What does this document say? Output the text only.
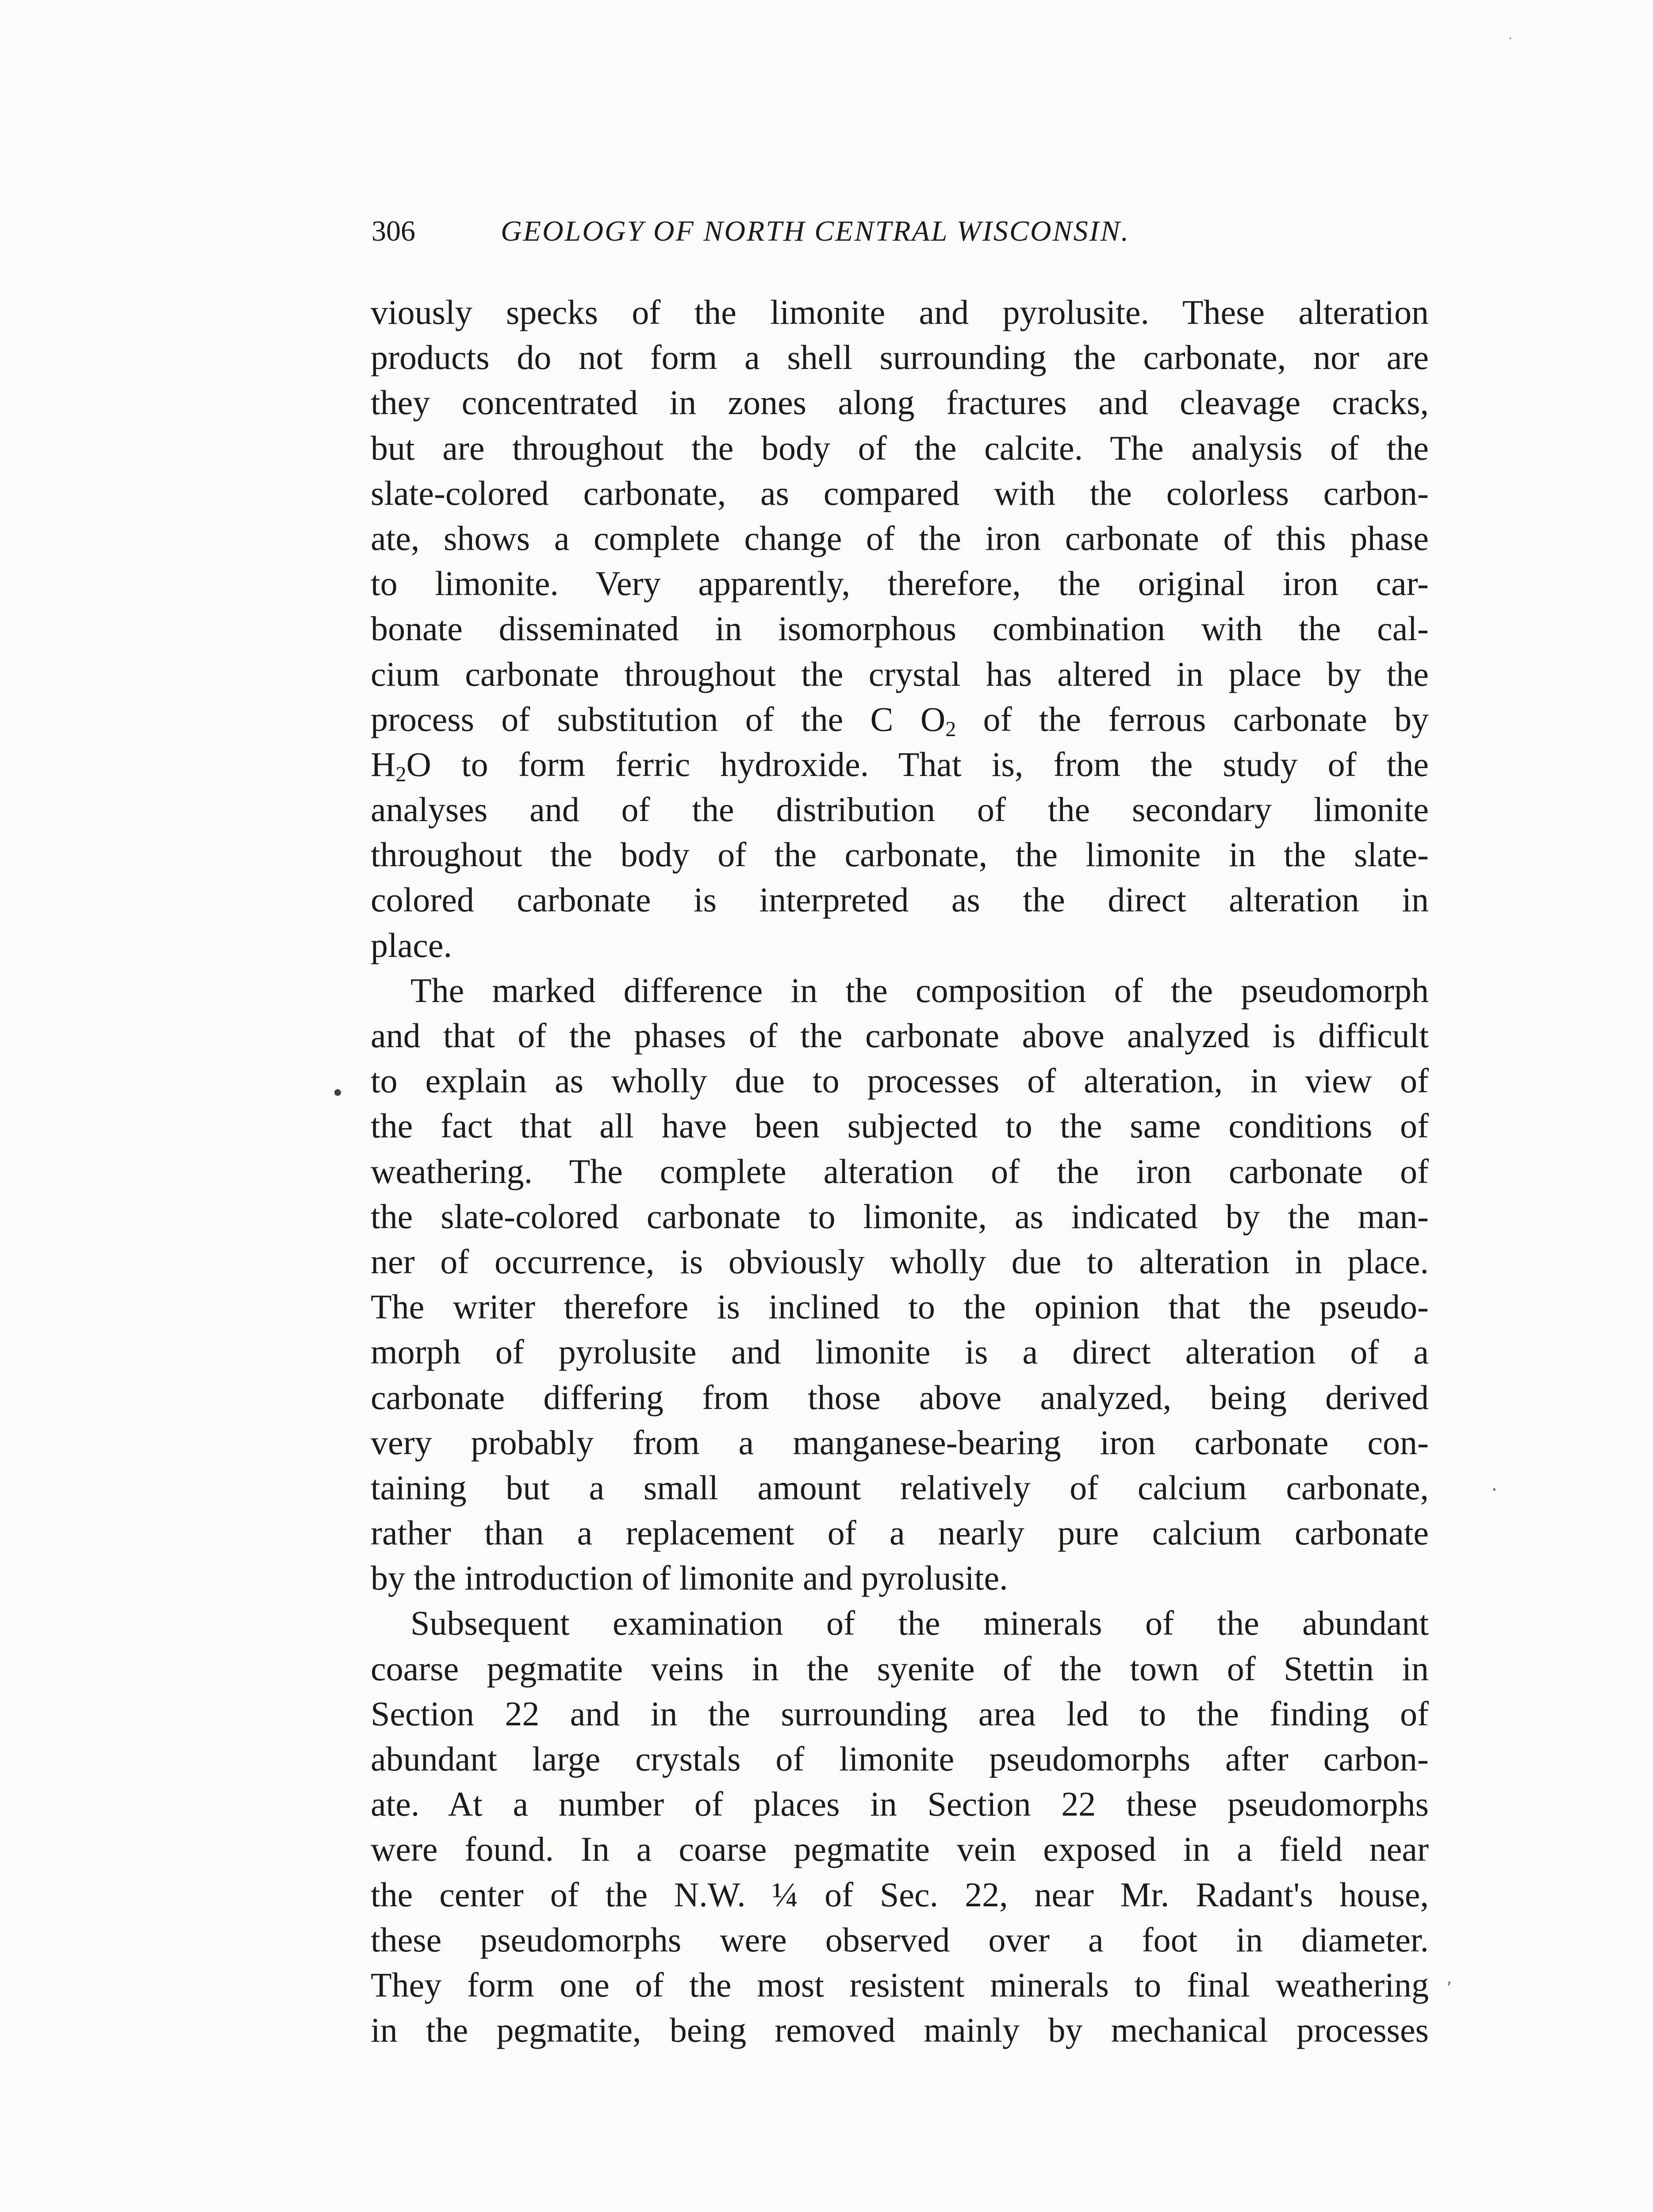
306	GEOLOGY OF NORTH CENTRAL WISCONSIN.
viously specks of the limonite and pyrolusite. These alteration
products do not form a shell surrounding the carbonate, nor are
they concentrated in zones along fractures and cleavage cracks,
but are throughout the body of the calcite. The analysis of the
slate-colored carbonate, as compared with the colorless carbon-
ate, shows a complete change of the iron carbonate of this phase
to limonite. Very apparently, therefore, the original iron car-
bonate disseminated in isomorphous combination with the cal-
cium carbonate throughout the crystal has altered in place by the
process of substitution of the C $O_2$ of the ferrous carbonate by
$H_2O$ to form ferric hydroxide. That is, from the study of the
analyses and of the distribution of the secondary limonite
throughout the body of the carbonate, the limonite in the slate-
colored carbonate is interpreted as the direct alteration in
place.
The marked difference in the composition of the pseudomorph
and that of the phases of the carbonate above analyzed is difficult
to explain as wholly due to processes of alteration, in view of
the fact that all have been subjected to the same conditions of
weathering. The complete alteration of the iron carbonate of
the slate-colored carbonate to limonite, as indicated by the man-
ner of occurrence, is obviously wholly due to alteration in place.
The writer therefore is inclined to the opinion that the pseudo-
morph of pyrolusite and limonite is a direct alteration of a
carbonate differing from those above analyzed, being derived
very probably from a manganese-bearing iron carbonate con-
taining but a small amount relatively of calcium carbonate,
rather than a replacement of a nearly pure calcium carbonate
by the introduction of limonite and pyrolusite.
Subsequent examination of the minerals of the abundant
coarse pegmatite veins in the syenite of the town of Stettin in
Section 22 and in the surrounding area led to the finding of
abundant large crystals of limonite pseudomorphs after carbon-
ate. At a number of places in Section 22 these pseudomorphs
were found. In a coarse pegmatite vein exposed in a field near
the center of the N.W. ¼ of Sec. 22, near Mr. Radant's house,
these pseudomorphs were observed over a foot in diameter.
They form one of the most resistent minerals to final weathering
in the pegmatite, being removed mainly by mechanical processes
•
·
,
·
